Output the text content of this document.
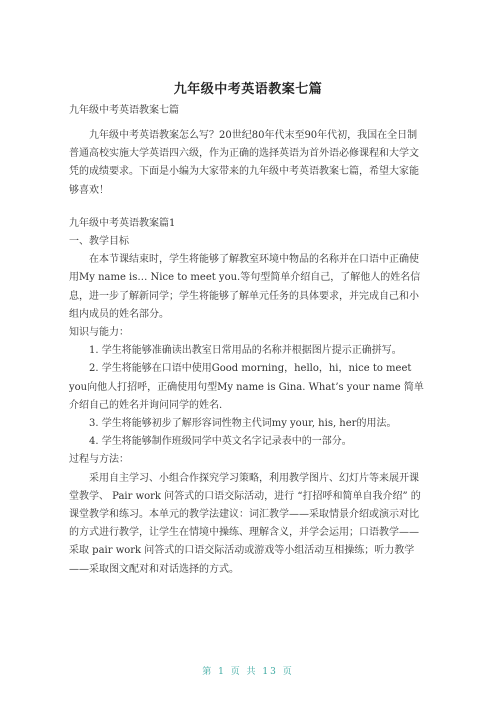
九年级中考英语教案七篇
九年级中考英语教案七篇

九年级中考英语教案怎么写？20世纪80年代末至90年代初，我国在全日制普通高校实施大学英语四六级，作为正确的选择英语为首外语必修课程和大学文凭的成绩要求。下面是小编为大家带来的九年级中考英语教案七篇，希望大家能够喜欢！

九年级中考英语教案篇1

一、教学目标

在本节课结束时，学生将能够了解教室环境中物品的名称并在口语中正确使用My name is… Nice to meet you.等句型简单介绍自己，了解他人的姓名信息，进一步了解新同学；学生将能够了解单元任务的具体要求，并完成自己和小组内成员的姓名部分。

知识与能力：

1. 学生将能够准确读出教室日常用品的名称并根据图片提示正确拼写。

2. 学生将能够在口语中使用Good morning，hello，hi，nice to meet you向他人打招呼，正确使用句型My name is Gina. What’s your name 简单介绍自己的姓名并询问同学的姓名.

3. 学生将能够初步了解形容词性物主代词my your, his, her的用法。

4. 学生将能够制作班级同学中英文名字记录表中的一部分。

过程与方法：

采用自主学习、小组合作探究学习策略，利用教学图片、幻灯片等来展开课堂教学、 Pair work 问答式的口语交际活动，进行 “打招呼和简单自我介绍” 的课堂教学和练习。本单元的教学法建议：词汇教学——采取情景介绍或演示对比的方式进行教学，让学生在情境中操练、理解含义，并学会运用；口语教学——采取 pair work 问答式的口语交际活动或游戏等小组活动互相操练；听力教学——采取图文配对和对话选择的方式。

第 1 页 共 13 页
